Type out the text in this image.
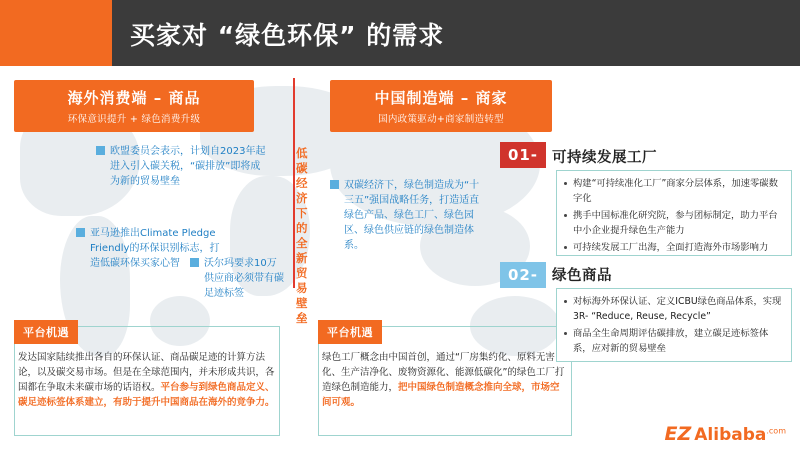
买家对 “绿色环保” 的需求
海外消费端 – 商品
环保意识提升 + 绿色消费升级
中国制造端 – 商家
国内政策驱动+商家制造转型
低碳经济下的全新贸易壁垒
欧盟委员会表示，计划自2023年起进入引入碳关税，“碳排放”即将成为新的贸易壁垒
亚马逊推出Climate Pledge Friendly的环保识别标志，打造低碳环保买家心智	沃尔玛要求10万供应商必须带有碳足迹标签
双碳经济下，绿色制造成为“十三五”强国战略任务，打造适直绿色产品、绿色工厂、绿色园区、绿色供应链的绿色制造体系。
平台机遇
发达国家陆续推出各自的环保认证、商品碳足迹的计算方法论，以及碳交易市场。但是在全球范围内，并未形成共识，各国都在争取未来碳市场的话语权。平台参与到绿色商品定义、碳足迹标签体系建立，有助于提升中国商品在海外的竞争力。
平台机遇
绿色工厂概念由中国首创，通过“厂房集约化、原料无害化、生产洁净化、废物资源化、能源低碳化”的绿色工厂打造绿色制造能力，把中国绿色制造概念推向全球，市场空间可观。
01- 可持续发展工厂
构建“可持续准化工厂”商家分层体系，加速零碳数字化
携手中国标准化研究院，参与团标制定，助力平台中小企业提升绿色生产能力
可持续发展工厂出海，全面打造海外市场影响力
02- 绿色商品
对标海外环保认证、定义ICBU绿色商品体系，实现3R- “Reduce, Reuse, Recycle”
商品全生命周期评估碳排放，建立碳足迹标签体系，应对新的贸易壁垒
EZ Alibaba$^{.com}$
